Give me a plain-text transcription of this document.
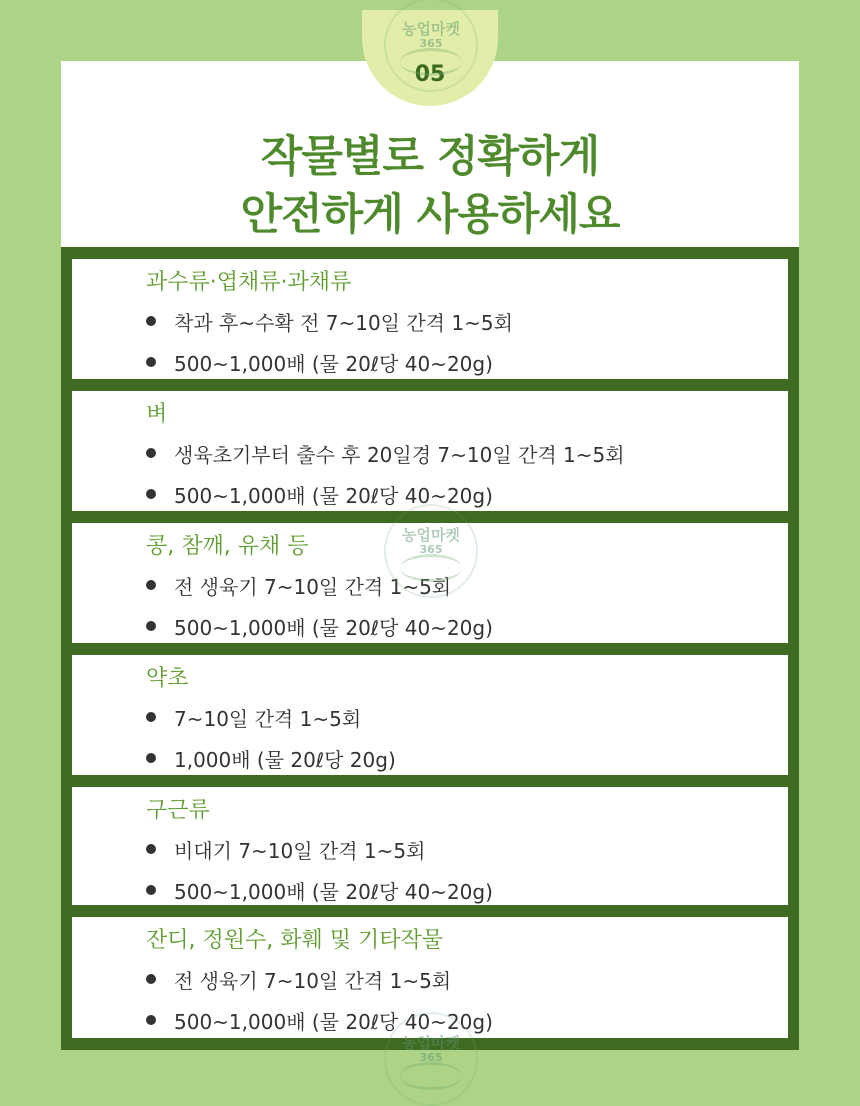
05
농업마켓
365
작물별로 정확하게
안전하게 사용하세요
과수류·엽채류·과채류
착과 후~수확 전 7~10일 간격 1~5회
500~1,000배 (물 20ℓ당 40~20g)
벼
생육초기부터 출수 후 20일경 7~10일 간격 1~5회
500~1,000배 (물 20ℓ당 40~20g)
콩, 참깨, 유채 등
전 생육기 7~10일 간격 1~5회
500~1,000배 (물 20ℓ당 40~20g)
약초
7~10일 간격 1~5회
1,000배 (물 20ℓ당 20g)
구근류
비대기 7~10일 간격 1~5회
500~1,000배 (물 20ℓ당 40~20g)
잔디, 정원수, 화훼 및 기타작물
전 생육기 7~10일 간격 1~5회
500~1,000배 (물 20ℓ당 40~20g)
농업마켓
365
농업마켓
365
